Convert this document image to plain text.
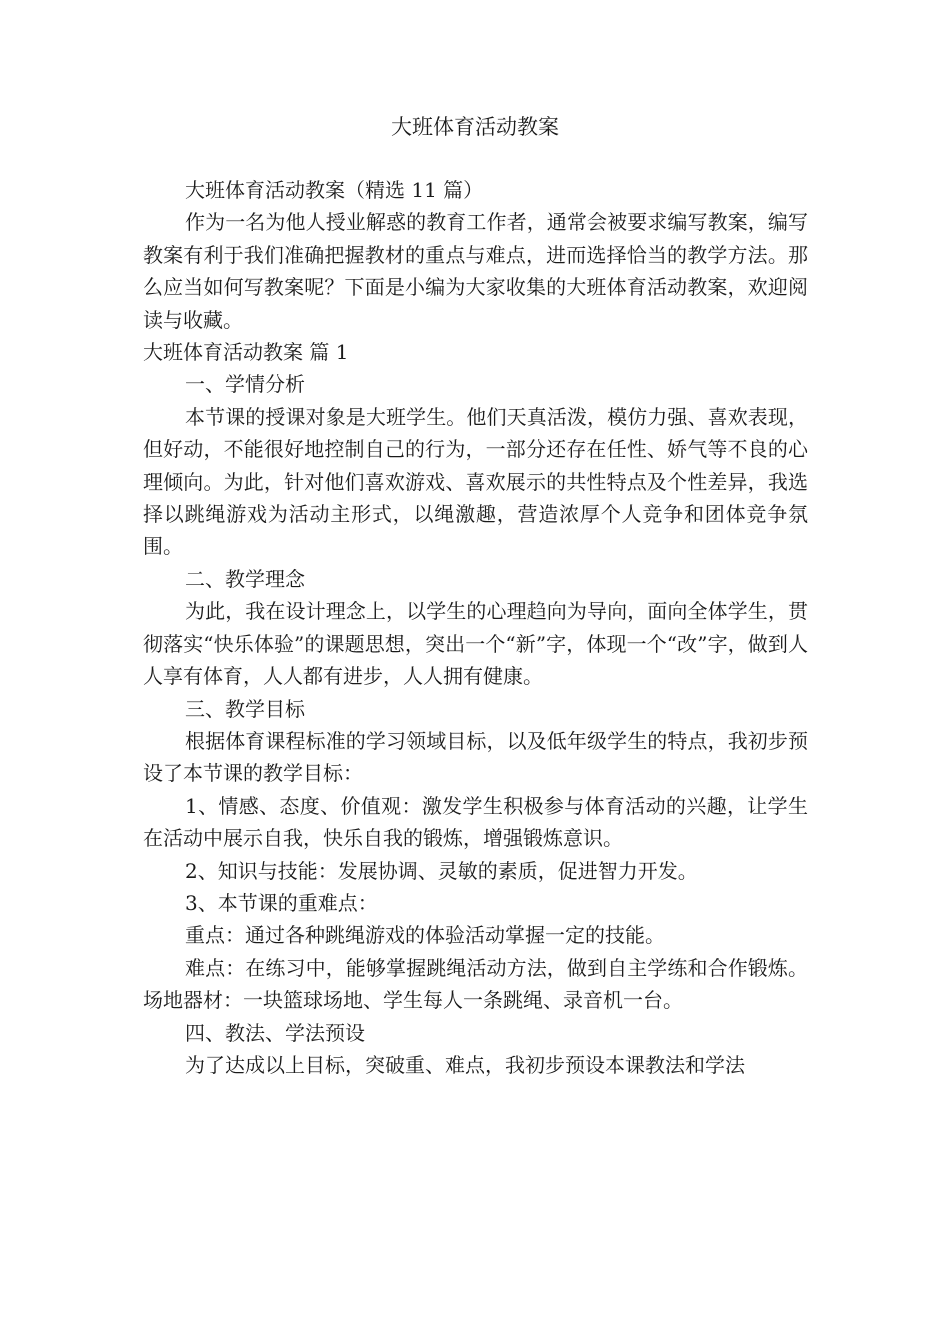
大班体育活动教案

大班体育活动教案（精选 11 篇）

作为一名为他人授业解惑的教育工作者，通常会被要求编写教案，编写教案有利于我们准确把握教材的重点与难点，进而选择恰当的教学方法。那么应当如何写教案呢？下面是小编为大家收集的大班体育活动教案，欢迎阅读与收藏。

大班体育活动教案 篇 1

一、学情分析

本节课的授课对象是大班学生。他们天真活泼，模仿力强、喜欢表现，但好动，不能很好地控制自己的行为，一部分还存在任性、娇气等不良的心理倾向。为此，针对他们喜欢游戏、喜欢展示的共性特点及个性差异，我选择以跳绳游戏为活动主形式，以绳激趣，营造浓厚个人竞争和团体竞争氛围。

二、教学理念

为此，我在设计理念上，以学生的心理趋向为导向，面向全体学生，贯彻落实“快乐体验”的课题思想，突出一个“新”字，体现一个“改”字，做到人人享有体育，人人都有进步，人人拥有健康。

三、教学目标

根据体育课程标准的学习领域目标，以及低年级学生的特点，我初步预设了本节课的教学目标：

1、情感、态度、价值观：激发学生积极参与体育活动的兴趣，让学生在活动中展示自我，快乐自我的锻炼，增强锻炼意识。

2、知识与技能：发展协调、灵敏的素质，促进智力开发。

3、本节课的重难点：

重点：通过各种跳绳游戏的体验活动掌握一定的技能。

难点：在练习中，能够掌握跳绳活动方法，做到自主学练和合作锻炼。 场地器材：一块篮球场地、学生每人一条跳绳、录音机一台。

四、教法、学法预设

为了达成以上目标，突破重、难点，我初步预设本课教法和学法
